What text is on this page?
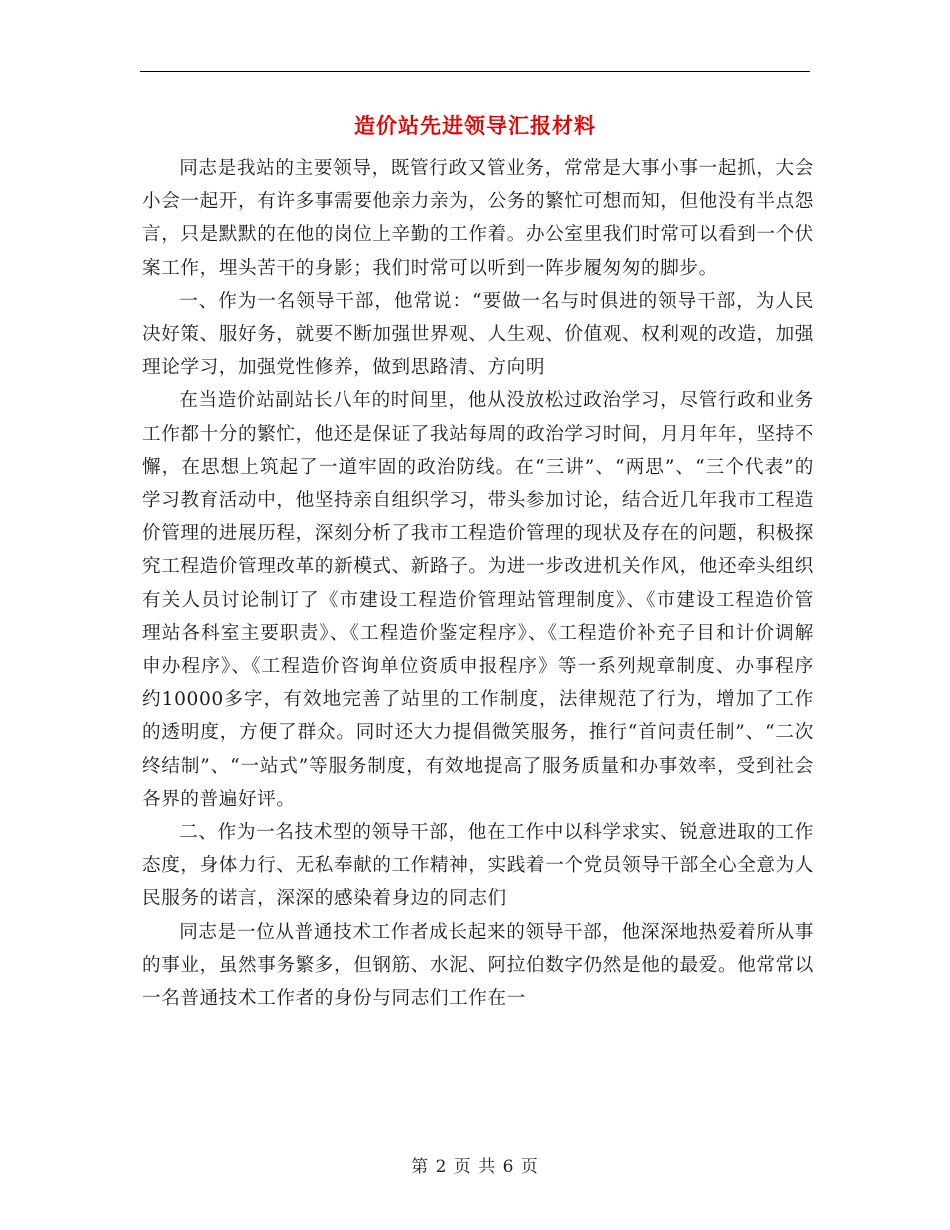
造价站先进领导汇报材料

同志是我站的主要领导，既管行政又管业务，常常是大事小事一起抓，大会小会一起开，有许多事需要他亲力亲为，公务的繁忙可想而知，但他没有半点怨言，只是默默的在他的岗位上辛勤的工作着。办公室里我们时常可以看到一个伏案工作，埋头苦干的身影；我们时常可以听到一阵步履匆匆的脚步。

一、作为一名领导干部，他常说：“要做一名与时俱进的领导干部，为人民决好策、服好务，就要不断加强世界观、人生观、价值观、权利观的改造，加强理论学习，加强党性修养，做到思路清、方向明

在当造价站副站长八年的时间里，他从没放松过政治学习，尽管行政和业务工作都十分的繁忙，他还是保证了我站每周的政治学习时间，月月年年，坚持不懈，在思想上筑起了一道牢固的政治防线。在“三讲”、“两思”、“三个代表”的学习教育活动中，他坚持亲自组织学习，带头参加讨论，结合近几年我市工程造价管理的进展历程，深刻分析了我市工程造价管理的现状及存在的问题，积极探究工程造价管理改革的新模式、新路子。为进一步改进机关作风，他还牵头组织有关人员讨论制订了《市建设工程造价管理站管理制度》、《市建设工程造价管理站各科室主要职责》、《工程造价鉴定程序》、《工程造价补充子目和计价调解申办程序》、《工程造价咨询单位资质申报程序》等一系列规章制度、办事程序约10000多字，有效地完善了站里的工作制度，法律规范了行为，增加了工作的透明度，方便了群众。同时还大力提倡微笑服务，推行“首问责任制”、“二次终结制”、“一站式”等服务制度，有效地提高了服务质量和办事效率，受到社会各界的普遍好评。

二、作为一名技术型的领导干部，他在工作中以科学求实、锐意进取的工作态度，身体力行、无私奉献的工作精神，实践着一个党员领导干部全心全意为人民服务的诺言，深深的感染着身边的同志们

同志是一位从普通技术工作者成长起来的领导干部，他深深地热爱着所从事的事业，虽然事务繁多，但钢筋、水泥、阿拉伯数字仍然是他的最爱。他常常以一名普通技术工作者的身份与同志们工作在一

第 2 页 共 6 页
